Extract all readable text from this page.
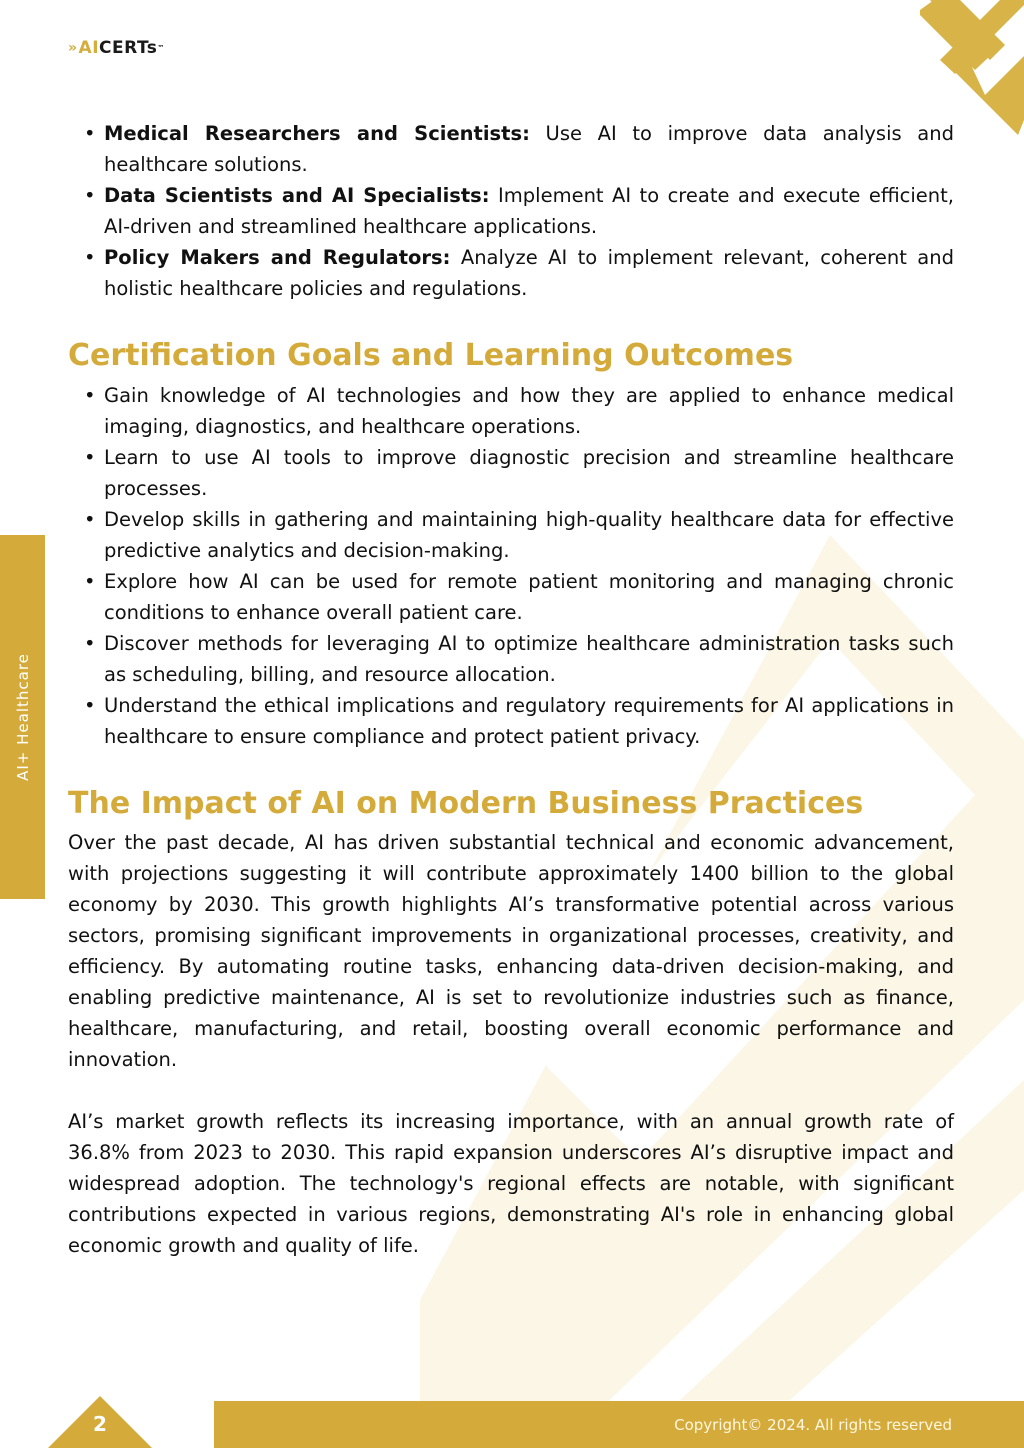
» AI CERTs ™
AI+ Healthcare
• Medical Researchers and Scientists: Use AI to improve data analysis and healthcare solutions.
• Data Scientists and AI Specialists: Implement AI to create and execute efficient, AI-driven and streamlined healthcare applications.
• Policy Makers and Regulators: Analyze AI to implement relevant, coherent and holistic healthcare policies and regulations.
Certification Goals and Learning Outcomes
• Gain knowledge of AI technologies and how they are applied to enhance medical imaging, diagnostics, and healthcare operations.
• Learn to use AI tools to improve diagnostic precision and streamline healthcare processes.
• Develop skills in gathering and maintaining high-quality healthcare data for effective predictive analytics and decision-making.
• Explore how AI can be used for remote patient monitoring and managing chronic conditions to enhance overall patient care.
• Discover methods for leveraging AI to optimize healthcare administration tasks such as scheduling, billing, and resource allocation.
• Understand the ethical implications and regulatory requirements for AI applications in healthcare to ensure compliance and protect patient privacy.
The Impact of AI on Modern Business Practices

Over the past decade, AI has driven substantial technical and economic advancement, with projections suggesting it will contribute approximately 1400 billion to the global economy by 2030. This growth highlights AI’s transformative potential across various sectors, promising significant improvements in organizational processes, creativity, and efficiency. By automating routine tasks, enhancing data-driven decision-making, and enabling predictive maintenance, AI is set to revolutionize industries such as finance, healthcare, manufacturing, and retail, boosting overall economic performance and innovation.

AI’s market growth reflects its increasing importance, with an annual growth rate of 36.8% from 2023 to 2030. This rapid expansion underscores AI’s disruptive impact and widespread adoption. The technology's regional effects are notable, with significant contributions expected in various regions, demonstrating AI's role in enhancing global economic growth and quality of life.

2	Copyright© 2024. All rights reserved
